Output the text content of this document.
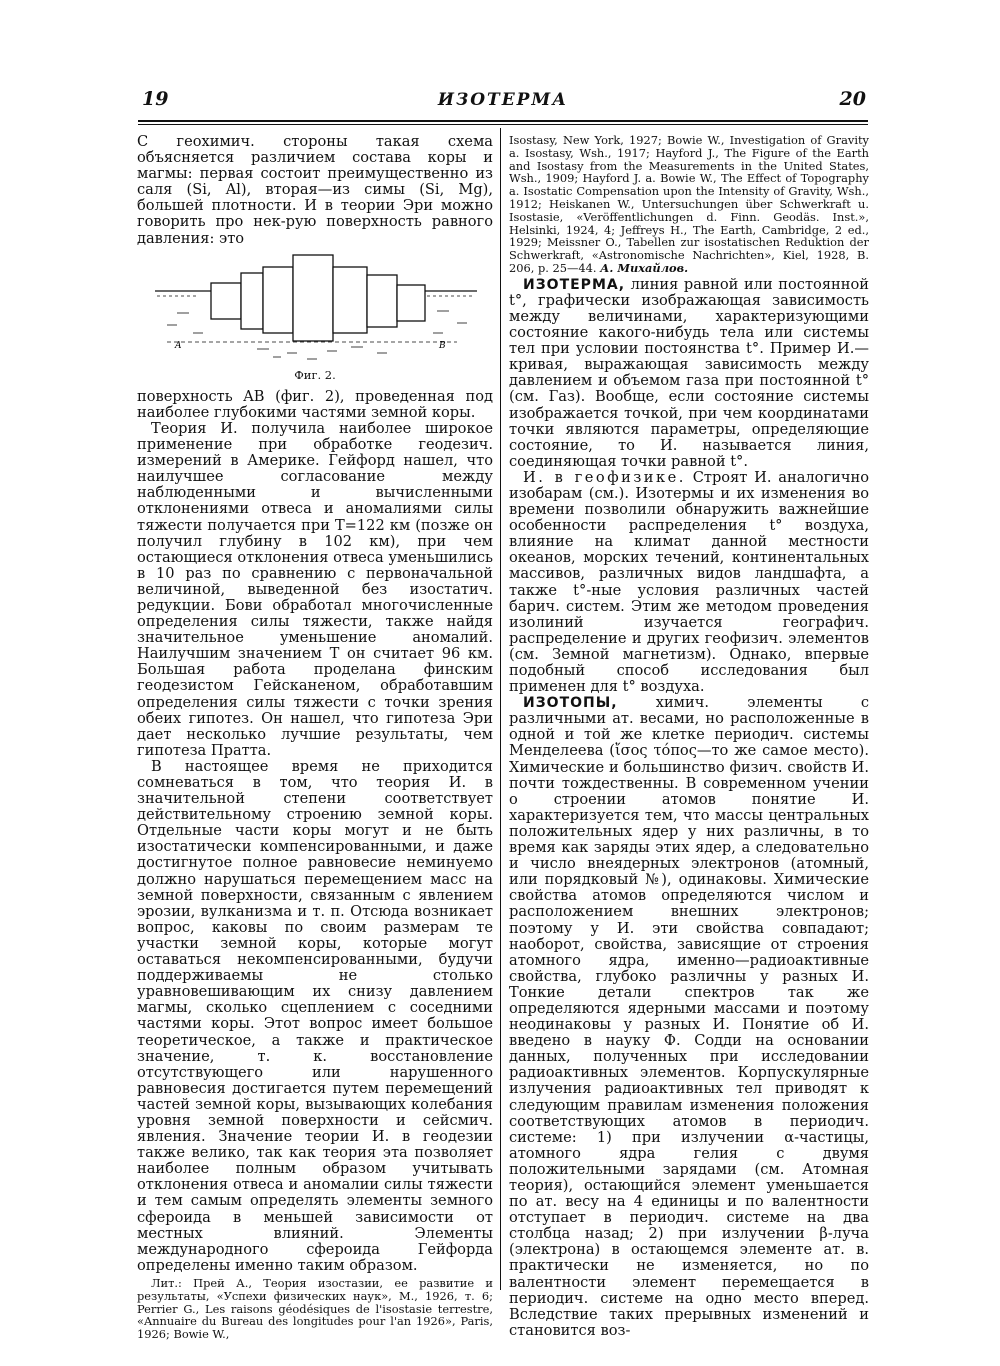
19	ИЗОТЕРМА	20

С геохимич. стороны такая схема объясняется различием состава коры и магмы: первая состоит преимущественно из саля (Si, Al), вторая—из симы (Si, Mg), большей плотности. И в теории Эри можно говорить про нек-рую поверхность равного давления: это

A	B
Фиг. 2.

поверхность AB (фиг. 2), проведенная под наиболее глубокими частями земной коры.

Теория И. получила наиболее широкое применение при обработке геодезич. измерений в Америке. Гейфорд нашел, что наилучшее согласование между наблюденными и вычисленными отклонениями отвеса и аномалиями силы тяжести получается при T=122 км (позже он получил глубину в 102 км), при чем остающиеся отклонения отвеса уменьшились в 10 раз по сравнению с первоначальной величиной, выведенной без изостатич. редукции. Бови обработал многочисленные определения силы тяжести, также найдя значительное уменьшение аномалий. Наилучшим значением T он считает 96 км. Большая работа проделана финским геодезистом Гейсканеном, обработавшим определения силы тяжести с точки зрения обеих гипотез. Он нашел, что гипотеза Эри дает несколько лучшие результаты, чем гипотеза Пратта.

В настоящее время не приходится сомневаться в том, что теория И. в значительной степени соответствует действительному строению земной коры. Отдельные части коры могут и не быть изостатически компенсированными, и даже достигнутое полное равновесие неминуемо должно нарушаться перемещением масс на земной поверхности, связанным с явлением эрозии, вулканизма и т. п. Отсюда возникает вопрос, каковы по своим размерам те участки земной коры, которые могут оставаться некомпенсированными, будучи поддерживаемы не столько уравновешивающим их снизу давлением магмы, сколько сцеплением с соседними частями коры. Этот вопрос имеет большое теоретическое, а также и практическое значение, т. к. восстановление отсутствующего или нарушенного равновесия достигается путем перемещений частей земной коры, вызывающих колебания уровня земной поверхности и сейсмич. явления. Значение теории И. в геодезии также велико, так как теория эта позволяет наиболее полным образом учитывать отклонения отвеса и аномалии силы тяжести и тем самым определять элементы земного сфероида в меньшей зависимости от местных влияний. Элементы международного сфероида Гейфорда определены именно таким образом.

Лит.: Прей А., Теория изостазии, ее развитие и результаты, «Успехи физических наук», М., 1926, т. 6; Perrier G., Les raisons géodésiques de l'isostasie terrestre, «Annuaire du Bureau des longitudes pour l'an 1926», Paris, 1926; Bowie W.,

Isostasy, New York, 1927; Bowie W., Investigation of Gravity a. Isostasy, Wsh., 1917; Hayford J., The Figure of the Earth and Isostasy from the Measurements in the United States, Wsh., 1909; Hayford J. a. Bowie W., The Effect of Topography a. Isostatic Compensation upon the Intensity of Gravity, Wsh., 1912; Heiskanen W., Untersuchungen über Schwerkraft u. Isostasie, «Veröffentlichungen d. Finn. Geodäs. Inst.», Helsinki, 1924, 4; Jeffreys H., The Earth, Cambridge, 2 ed., 1929; Meissner O., Tabellen zur isostatischen Reduktion der Schwerkraft, «Astronomische Nachrichten», Kiel, 1928, B. 206, p. 25—44. А. Михайлов.

ИЗОТЕРМА, линия равной или постоянной t°, графически изображающая зависимость между величинами, характеризующими состояние какого-нибудь тела или системы тел при условии постоянства t°. Пример И.—кривая, выражающая зависимость между давлением и объемом газа при постоянной t° (см. Газ). Вообще, если состояние системы изображается точкой, при чем координатами точки являются параметры, определяющие состояние, то И. называется линия, соединяющая точки равной t°.

И. в геофизике. Строят И. аналогично изобарам (см.). Изотермы и их изменения во времени позволили обнаружить важнейшие особенности распределения t° воздуха, влияние на климат данной местности океанов, морских течений, континентальных массивов, различных видов ландшафта, а также t°-ные условия различных частей барич. систем. Этим же методом проведения изолиний изучается географич. распределение и других геофизич. элементов (см. Земной магнетизм). Однако, впервые подобный способ исследования был применен для t° воздуха.

ИЗОТОПЫ,	химич. элементы с различными ат. весами, но расположенные в одной и той же клетке периодич. системы Менделеева (ἴσος τόπος—то же самое место). Химические и большинство физич. свойств И. почти тождественны. В современном учении о строении атомов понятие И. характеризуется тем, что массы центральных положительных ядер у них различны, в то время как заряды этих ядер, а следовательно и число внеядерных электронов (атомный, или порядковый №), одинаковы. Химические свойства атомов определяются числом и расположением внешних электронов; поэтому у И. эти свойства совпадают; наоборот, свойства, зависящие от строения атомного ядра, именно—радиоактивные свойства, глубоко различны у разных И. Тонкие детали спектров так же определяются ядерными массами и поэтому неодинаковы у разных И. Понятие об И. введено в науку Ф. Содди на основании данных, полученных при исследовании радиоактивных элементов. Корпускулярные излучения радиоактивных тел приводят к следующим правилам изменения положения соответствующих атомов в периодич. системе: 1) при излучении α-частицы, атомного ядра гелия с двумя положительными зарядами (см. Атомная теория), остающийся элемент уменьшается по ат. весу на 4 единицы и по валентности отступает в периодич. системе на два столбца назад; 2) при излучении β-луча (электрона) в остающемся элементе ат. в. практически не изменяется, но по валентности элемент перемещается в периодич. системе на одно место вперед. Вследствие таких прерывных изменений и становится воз-
